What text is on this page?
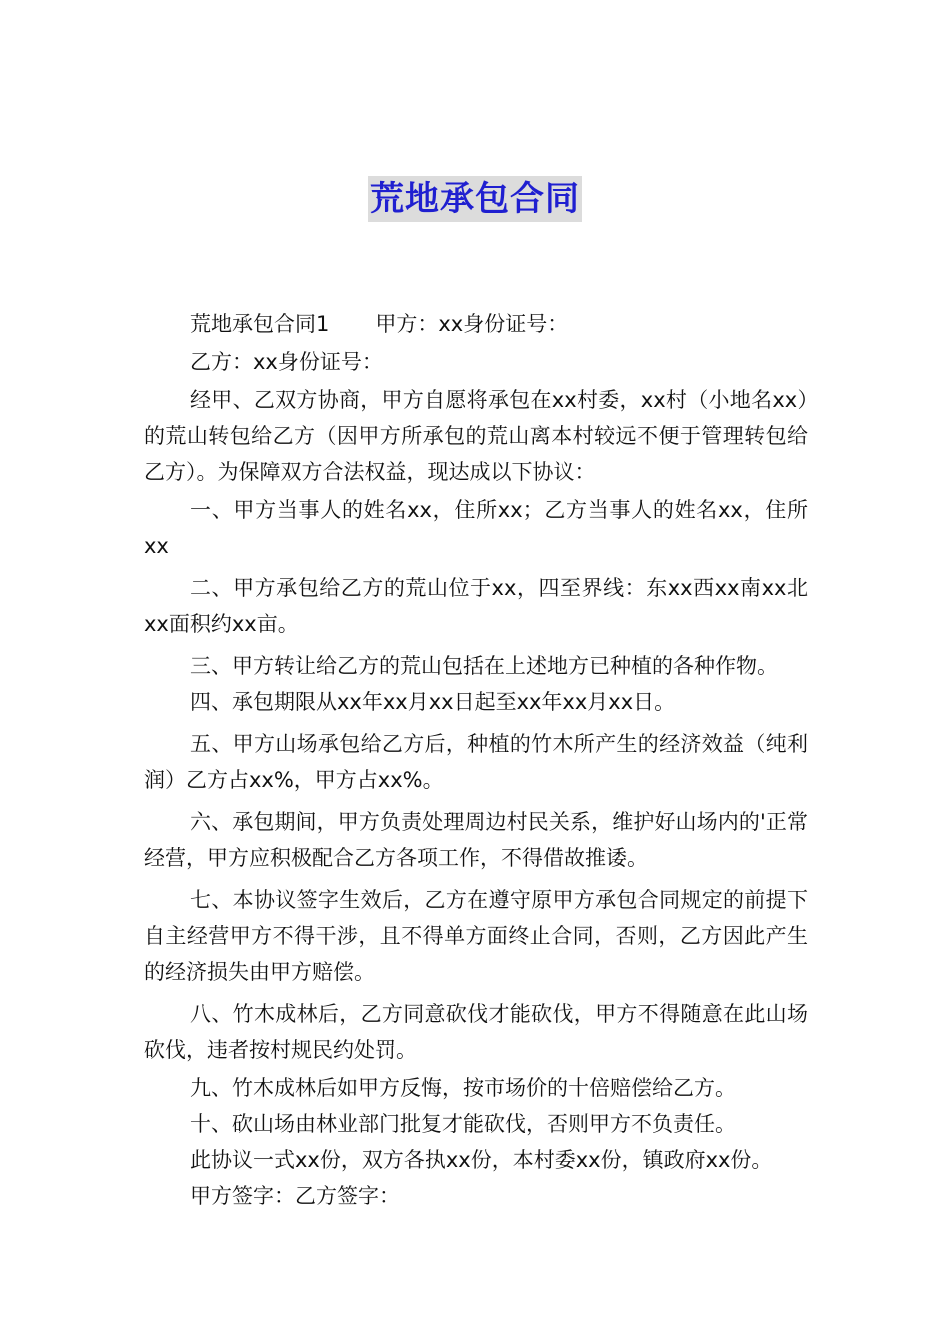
荒地承包合同

荒地承包合同1 甲方：xx身份证号：

乙方：xx身份证号：

经甲、乙双方协商，甲方自愿将承包在xx村委，xx村（小地名xx）的荒山转包给乙方（因甲方所承包的荒山离本村较远不便于管理转包给乙方）。为保障双方合法权益，现达成以下协议：

一、甲方当事人的姓名xx，住所xx；乙方当事人的姓名xx，住所xx

二、甲方承包给乙方的荒山位于xx，四至界线：东xx西xx南xx北xx面积约xx亩。

三、甲方转让给乙方的荒山包括在上述地方已种植的各种作物。

四、承包期限从xx年xx月xx日起至xx年xx月xx日。

五、甲方山场承包给乙方后，种植的竹木所产生的经济效益（纯利润）乙方占xx%，甲方占xx%。

六、承包期间，甲方负责处理周边村民关系，维护好山场内的'正常经营，甲方应积极配合乙方各项工作，不得借故推诿。

七、本协议签字生效后，乙方在遵守原甲方承包合同规定的前提下自主经营甲方不得干涉，且不得单方面终止合同，否则，乙方因此产生的经济损失由甲方赔偿。

八、竹木成林后，乙方同意砍伐才能砍伐，甲方不得随意在此山场砍伐，违者按村规民约处罚。

九、竹木成林后如甲方反悔，按市场价的十倍赔偿给乙方。

十、砍山场由林业部门批复才能砍伐，否则甲方不负责任。

此协议一式xx份，双方各执xx份，本村委xx份，镇政府xx份。

甲方签字：乙方签字：
